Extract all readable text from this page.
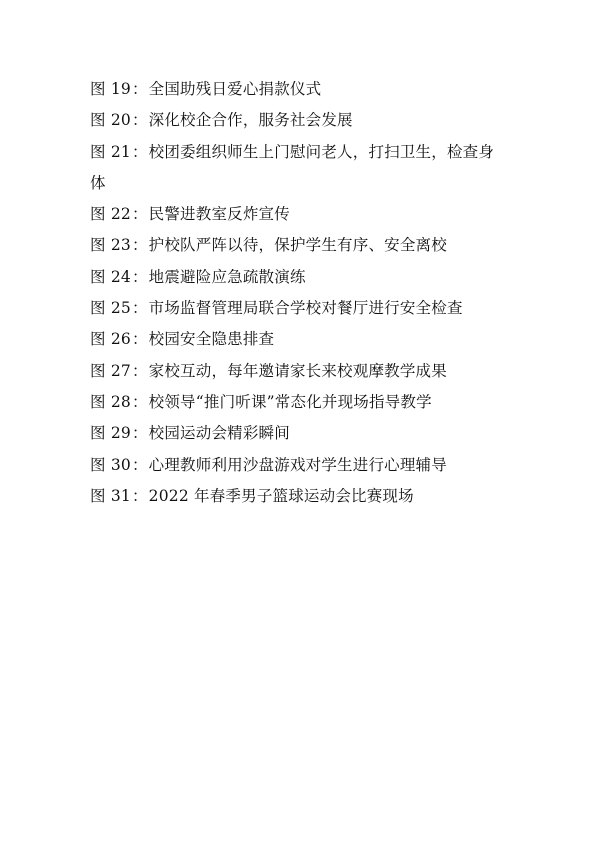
图 19：全国助残日爱心捐款仪式
图 20：深化校企合作，服务社会发展
图 21：校团委组织师生上门慰问老人，打扫卫生，检查身
体
图 22：民警进教室反炸宣传
图 23：护校队严阵以待，保护学生有序、安全离校
图 24：地震避险应急疏散演练
图 25：市场监督管理局联合学校对餐厅进行安全检查
图 26：校园安全隐患排查
图 27：家校互动，每年邀请家长来校观摩教学成果
图 28：校领导“推门听课”常态化并现场指导教学
图 29：校园运动会精彩瞬间
图 30：心理教师利用沙盘游戏对学生进行心理辅导
图 31：2022 年春季男子篮球运动会比赛现场
